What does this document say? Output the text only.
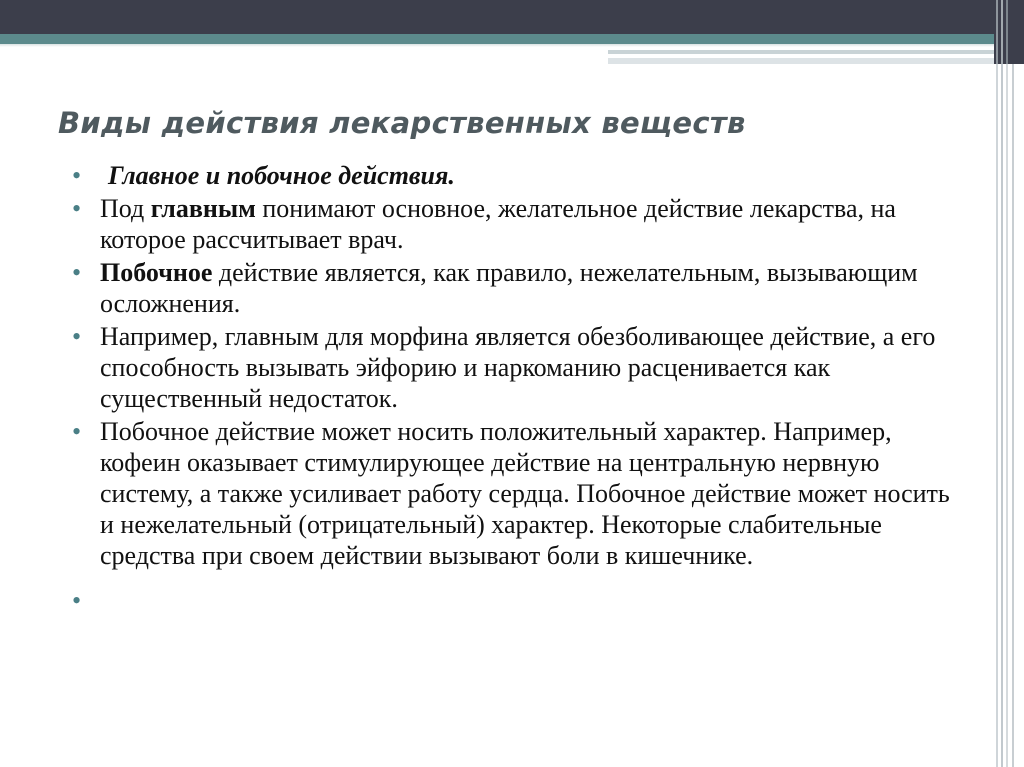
Виды действия лекарственных веществ
• Главное и побочное действия.
• Под главным понимают основное, желательное действие лекарства, на которое рассчитывает врач.
• Побочное действие является, как правило, нежелательным, вызывающим осложнения.
• Например, главным для морфина является обезболивающее действие, а его способность вызывать эйфорию и наркоманию расценивается как существенный недостаток.
• Побочное действие может носить положительный характер. Например, кофеин оказывает стимулирующее действие на центральную нервную систему, а также усиливает работу сердца. Побочное действие может носить и нежелательный (отрицательный) характер. Некоторые слабительные средства при своем действии вызывают боли в кишечнике.
•
